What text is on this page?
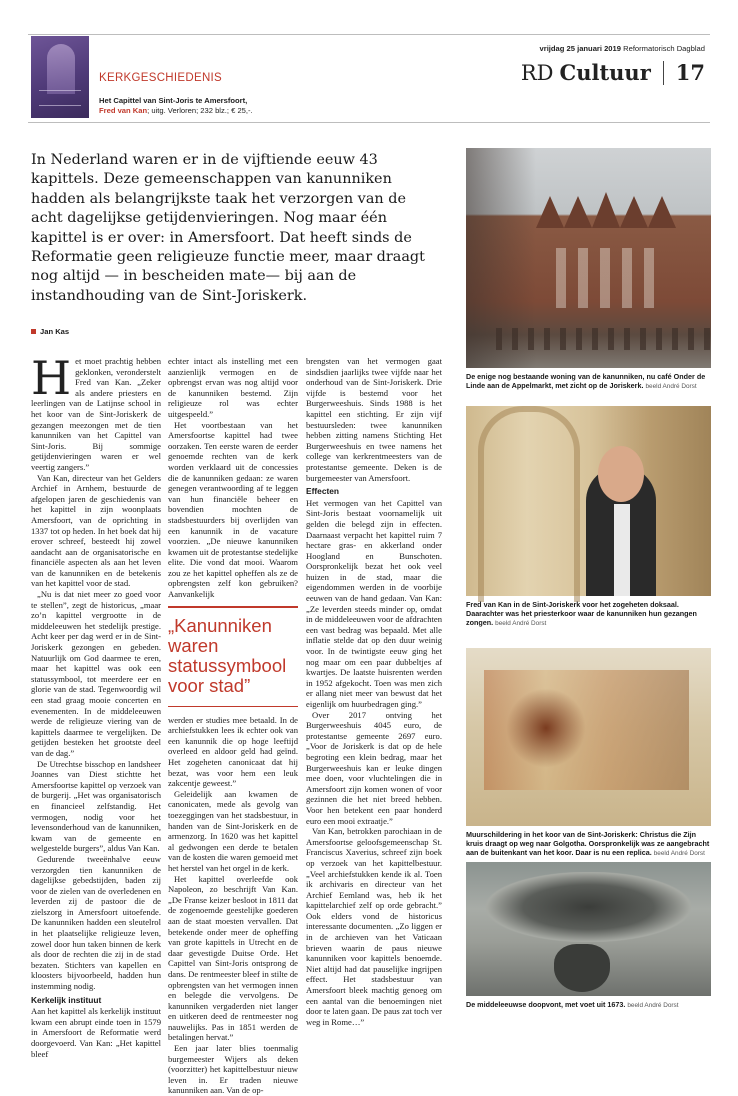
KERKGESCHIEDENIS
Het Capittel van Sint-Joris te Amersfoort,
Fred van Kan; uitg. Verloren; 232 blz.; € 25,-.
vrijdag 25 januari 2019 Reformatorisch Dagblad
RD Cultuur 17
In Nederland waren er in de vijftiende eeuw 43 kapittels. Deze gemeenschappen van kanunniken hadden als belangrijkste taak het verzorgen van de acht dagelijkse getijdenvieringen. Nog maar één kapittel is er over: in Amersfoort. Dat heeft sinds de Reformatie geen religieuze functie meer, maar draagt nog altijd — in bescheiden mate— bij aan de instandhouding van de Sint-Joriskerk.
Jan Kas
H et moet prachtig hebben geklonken, veronderstelt Fred van Kan. „Zeker als andere priesters en leerlingen van de Latijnse school in het koor van de Sint-Joriskerk de gezangen meezongen met de tien kanunniken van het Capittel van Sint-Joris. Bij sommige getijdenvieringen waren er wel veertig zangers.”

Van Kan, directeur van het Gelders Archief in Arnhem, bestuurde de afgelopen jaren de geschiedenis van het kapittel in zijn woonplaats Amersfoort, van de oprichting in 1337 tot op heden. In het boek dat hij erover schreef, besteedt hij zowel aandacht aan de organisatorische en financiële aspecten als aan het leven van de kanunniken en de betekenis van het kapittel voor de stad.

„Nu is dat niet meer zo goed voor te stellen”, zegt de historicus, „maar zo’n kapittel vergrootte in de middeleeuwen het stedelijk prestige. Acht keer per dag werd er in de Sint-Joriskerk gezongen en gebeden. Natuurlijk om God daarmee te eren, maar het kapittel was ook een statussymbool, tot meerdere eer en glorie van de stad. Tegenwoordig wil een stad graag mooie concerten en evenementen. In de middeleeuwen werde de religieuze viering van de kapittels daarmee te vergelijken. De getijden besteken het grootste deel van de dag.”

De Utrechtse bisschop en landsheer Joannes van Diest stichtte het Amersfoortse kapittel op verzoek van de burgerij. „Het was organisatorisch en financieel zelfstandig. Het vermogen, nodig voor het levensonderhoud van de kanunniken, kwam van de gemeente en welgestelde burgers”, aldus Van Kan.

Gedurende tweeënhalve eeuw verzorgden tien kanunniken de dagelijkse gebedstijden, baden zij voor de zielen van de overledenen en leverden zij de pastoor die de zielszorg in Amersfoort uitoefende. De kanunniken hadden een sleutelrol in het plaatselijke religieuze leven, zowel door hun taken binnen de kerk als door de rechten die zij in de stad bezaten. Stichters van kapellen en kloosters bijvoorbeeld, hadden hun instemming nodig.

Kerkelijk instituut

Aan het kapittel als kerkelijk instituut kwam een abrupt einde toen in 1579 in Amersfoort de Reformatie werd doorgevoerd. Van Kan: „Het kapittel bleef

echter intact als instelling met een aanzienlijk vermogen en de opbrengst ervan was nog altijd voor de kanunniken bestemd. Zijn religieuze rol was echter uitgespeeld.”

Het voortbestaan van het Amersfoortse kapittel had twee oorzaken. Ten eerste waren de eerder genoemde rechten van de kerk worden verklaard uit de concessies die de kanunniken gedaan: ze waren genegen verantwoording af te leggen van hun financiële beheer en bovendien mochten de stadsbestuurders bij overlijden van een kanunnik in de vacature voorzien. „De nieuwe kanunniken kwamen uit de protestantse stedelijke elite. Die vond dat mooi. Waarom zou ze het kapittel opheffen als ze de opbrengsten zelf kon gebruiken? Aanvankelijk

„Kanunniken waren statussymbool voor stad”

werden er studies mee betaald. In de archiefstukken lees ik echter ook van een kanunnik die op hoge leeftijd overleed en aldoor geld had geïnd. Het zogeheten canonicaat dat hij bezat, was voor hem een leuk zakcentje geweest.”

Geleidelijk aan kwamen de canonicaten, mede als gevolg van toezeggingen van het stadsbestuur, in handen van de Sint-Joriskerk en de armenzorg. In 1620 was het kapittel al gedwongen een derde te betalen van de kosten die waren gemoeid met het herstel van het orgel in de kerk.

Het kapittel overleefde ook Napoleon, zo beschrijft Van Kan. „De Franse keizer besloot in 1811 dat de zogenoemde geestelijke goederen aan de staat moesten vervallen. Dat betekende onder meer de opheffing van grote kapittels in Utrecht en de daar gevestigde Duitse Orde. Het Capittel van Sint-Joris ontsprong de dans. De rentmeester bleef in stilte de opbrengsten van het vermogen innen en belegde die vervolgens. De kanunniken vergaderden niet langer en uitkeren deed de rentmeester nog nauwelijks. Pas in 1851 werden de betalingen hervat.”

Een jaar later blies toenmalig burgemeester Wijers als deken (voorzitter) het kapittelbestuur nieuw leven in. Er traden nieuwe kanunniken aan. Van de op-

brengsten van het vermogen gaat sindsdien jaarlijks twee vijfde naar het onderhoud van de Sint-Joriskerk. Drie vijfde is bestemd voor het Burgerweeshuis. Sinds 1988 is het kapittel een stichting. Er zijn vijf bestuursleden: twee kanunniken hebben zitting namens Stichting Het Burgerweeshuis en twee namens het college van kerkrentmeesters van de protestantse gemeente. Deken is de burgemeester van Amersfoort.

Effecten

Het vermogen van het Capittel van Sint-Joris bestaat voornamelijk uit gelden die belegd zijn in effecten. Daarnaast verpacht het kapittel ruim 7 hectare gras- en akkerland onder Hoogland en Bunschoten. Oorspronkelijk bezat het ook veel huizen in de stad, maar die eigendommen werden in de voorbije eeuwen van de hand gedaan. Van Kan: „Ze leverden steeds minder op, omdat in de middeleeuwen voor de afdrachten een vast bedrag was bepaald. Met alle inflatie stelde dat op den duur weinig voor. In de twintigste eeuw ging het nog maar om een paar dubbeltjes af kwartjes. De laatste huisrenten werden in 1952 afgekocht. Toen was men zich er allang niet meer van bewust dat het eigenlijk om huurbedragen ging.”

Over 2017 ontving het Burgerweeshuis 4045 euro, de protestantse gemeente 2697 euro. „Voor de Joriskerk is dat op de hele begroting een klein bedrag, maar het Burgerweeshuis kan er leuke dingen mee doen, voor vluchtelingen die in Amersfoort zijn komen wonen of voor gezinnen die het niet breed hebben. Voor hen betekent een paar honderd euro een mooi extraatje.”

Van Kan, betrokken parochiaan in de Amersfoortse geloofsgemeenschap St. Franciscus Xaverius, schreef zijn boek op verzoek van het kapittelbestuur. „Veel archiefstukken kende ik al. Toen ik archivaris en directeur van het Archief Eemland was, heb ik het kapittelarchief zelf op orde gebracht.” Ook elders vond de historicus interessante documenten. „Zo liggen er in de archieven van het Vaticaan brieven waarin de paus nieuwe kanunniken voor kapittels benoemde. Niet altijd had dat pauselijke ingrijpen effect. Het stadsbestuur van Amersfoort bleek machtig genoeg om een aantal van die benoemingen niet door te laten gaan. De paus zat toch ver weg in Rome…”

De enige nog bestaande woning van de kanunniken, nu café Onder de Linde aan de Appelmarkt, met zicht op de Joriskerk. beeld André Dorst
Fred van Kan in de Sint-Joriskerk voor het zogeheten doksaal. Daarachter was het priesterkoor waar de kanunniken hun gezangen zongen. beeld André Dorst
Muurschildering in het koor van de Sint-Joriskerk: Christus die Zijn kruis draagt op weg naar Golgotha. Oorspronkelijk was ze aangebracht aan de buitenkant van het koor. Daar is nu een replica. beeld André Dorst
De middeleeuwse doopvont, met voet uit 1673. beeld André Dorst
